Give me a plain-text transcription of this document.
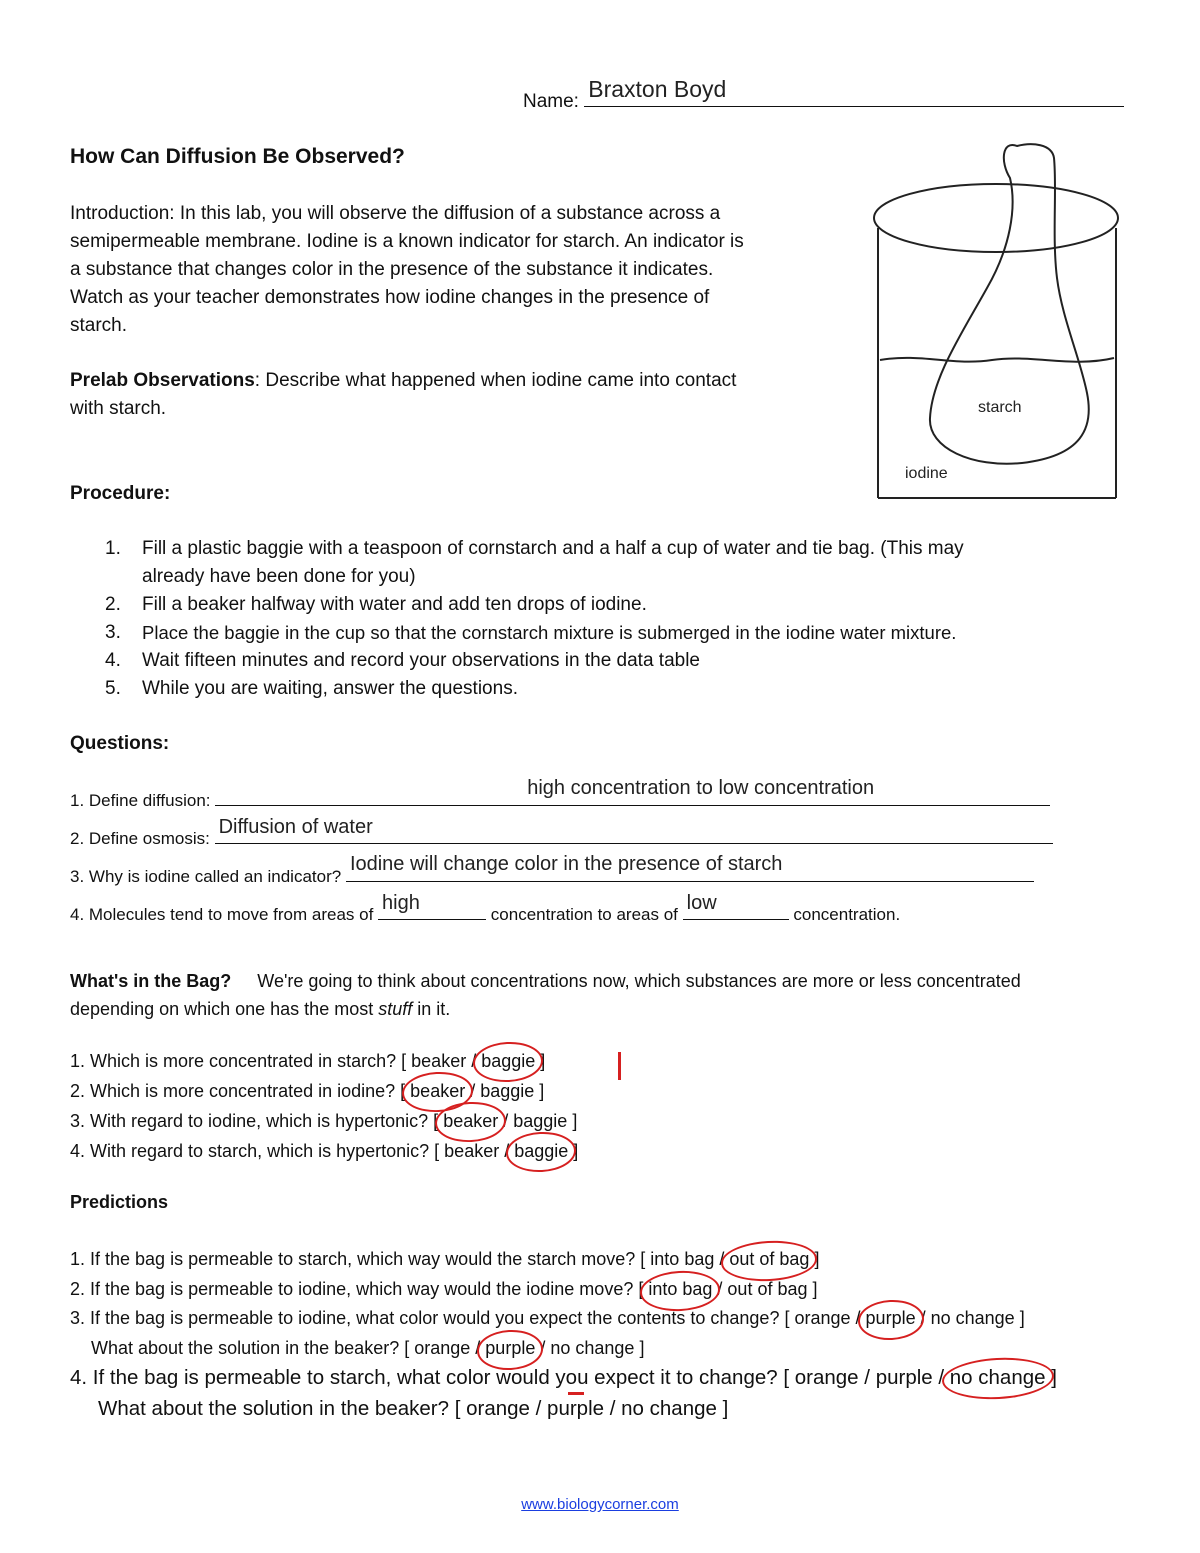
Name: Braxton Boyd
How Can Diffusion Be Observed?
Introduction: In this lab, you will observe the diffusion of a substance across a
semipermeable membrane. Iodine is a known indicator for starch. An indicator is
a substance that changes color in the presence of the substance it indicates.
Watch as your teacher demonstrates how iodine changes in the presence of
starch.
Prelab Observations: Describe what happened when iodine came into contact
with starch.	starch
iodine
Procedure:
1.	Fill a plastic baggie with a teaspoon of cornstarch and a half a cup of water and tie bag. (This may
already have been done for you)
2.	Fill a beaker halfway with water and add ten drops of iodine.
3.	Place the baggie in the cup so that the cornstarch mixture is submerged in the iodine water mixture.
4.	Wait fifteen minutes and record your observations in the data table
5.	While you are waiting, answer the questions.
Questions:
1. Define diffusion:
high concentration to low concentration
2. Define osmosis:
Diffusion of water
3. Why is iodine called an indicator?
Iodine will change color in the presence of starch
4. Molecules tend to move from areas of
high
concentration to areas of
low
concentration.
What's in the Bag? We're going to think about concentrations now, which substances are more or less concentrated
depending on which one has the most stuff in it.
1. Which is more concentrated in starch? [ beaker / baggie ]
2. Which is more concentrated in iodine? [ beaker / baggie ]
3. With regard to iodine, which is hypertonic? [ beaker / baggie ]
4. With regard to starch, which is hypertonic? [ beaker / baggie ]
Predictions
1. If the bag is permeable to starch, which way would the starch move? [ into bag / out of bag ]
2. If the bag is permeable to iodine, which way would the iodine move? [ into bag / out of bag ]
3. If the bag is permeable to iodine, what color would you expect the contents to change? [ orange / purple / no change ]
What about the solution in the beaker? [ orange / purple / no change ]
4. If the bag is permeable to starch, what color would you expect it to change? [ orange / purple / no change ]
What about the solution in the beaker? [ orange / purple / no change ]
www.biologycorner.com
